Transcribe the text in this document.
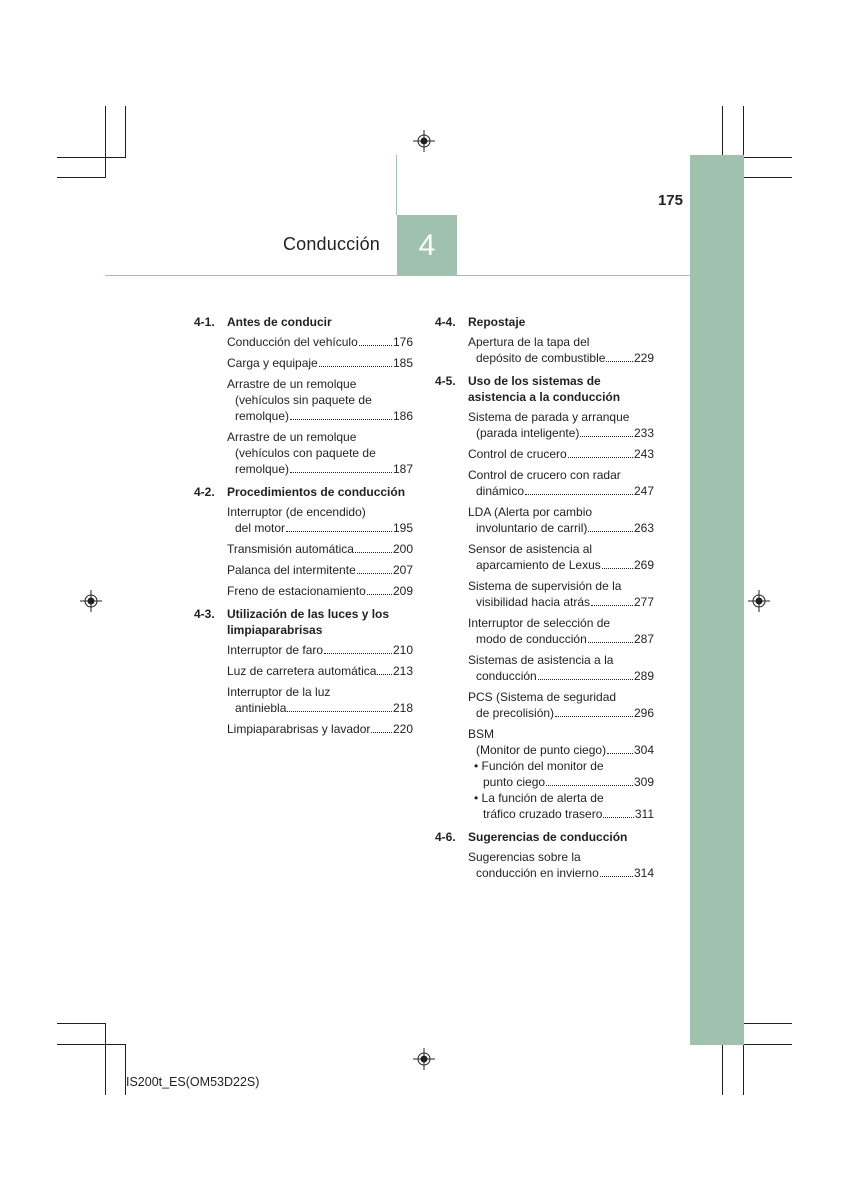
4
Conducción
175
4-1.	Antes de conducir
Conducción del vehículo	176
Carga y equipaje	185
Arrastre de un remolque
(vehículos sin paquete de
remolque)	186
Arrastre de un remolque
(vehículos con paquete de
remolque)	187
4-2.	Procedimientos de conducción
Interruptor (de encendido)
del motor	195
Transmisión automática	200
Palanca del intermitente	207
Freno de estacionamiento 209
4-3.	Utilización de las luces y los limpiaparabrisas
Interruptor de faro	210
Luz de carretera automática 213
Interruptor de la luz
antiniebla	218
Limpiaparabrisas y lavador 220
4-4.	Repostaje
Apertura de la tapa del
depósito de combustible 229
4-5.	Uso de los sistemas de asistencia a la conducción
Sistema de parada y arranque
(parada inteligente)	233
Control de crucero	243
Control de crucero con radar
dinámico	247
LDA (Alerta por cambio
involuntario de carril)	263
Sensor de asistencia al
aparcamiento de Lexus	269
Sistema de supervisión de la
visibilidad hacia atrás	277
Interruptor de selección de
modo de conducción	287
Sistemas de asistencia a la
conducción	289
PCS (Sistema de seguridad
de precolisión)	296
BSM
(Monitor de punto ciego) 304
• Función del monitor de
punto ciego	309
• La función de alerta de
tráfico cruzado trasero	311
4-6.	Sugerencias de conducción
Sugerencias sobre la
conducción en invierno	314
IS200t_ES(OM53D22S)
